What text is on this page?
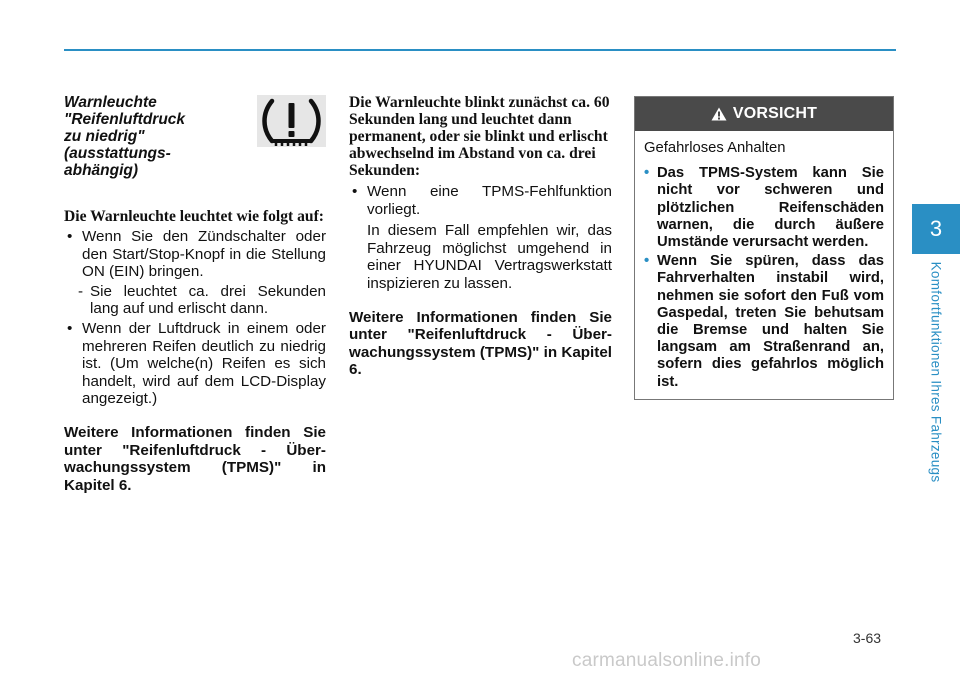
Warnleuchte
"Reifenluftdruck
zu niedrig"
(ausstattungs-
abhängig)

Die Warnleuchte leuchtet wie folgt auf:

• Wenn Sie den Zündschalter oder den Start/Stop-Knopf in die Stellung ON (EIN) bringen.

- Sie leuchtet ca. drei Sekunden lang auf und erlischt dann.

• Wenn der Luftdruck in einem oder mehreren Reifen deutlich zu niedrig ist. (Um welche(n) Reifen es sich handelt, wird auf dem LCD-Display angezeigt.)

Weitere Informationen finden Sie unter "Reifenluftdruck - Über-wachungssystem (TPMS)" in Kapitel 6.

Die Warnleuchte blinkt zunächst ca. 60 Sekunden lang und leuchtet dann permanent, oder sie blinkt und erlischt abwechselnd im Abstand von ca. drei Sekunden:

• Wenn eine TPMS-Fehlfunktion vorliegt.

In diesem Fall empfehlen wir, das Fahrzeug möglichst umgehend in einer HYUNDAI Vertragswerkstatt inspizieren zu lassen.

Weitere Informationen finden Sie unter "Reifenluftdruck - Über-wachungssystem (TPMS)" in Kapitel 6.

VORSICHT

Gefahrloses Anhalten

• Das TPMS-System kann Sie nicht vor schweren und plötzlichen Reifenschäden warnen, die durch äußere Umstände verursacht werden.

• Wenn Sie spüren, dass das Fahrverhalten instabil wird, nehmen sie sofort den Fuß vom Gaspedal, treten Sie behutsam die Bremse und halten Sie langsam am Straßenrand an, sofern dies gefahrlos möglich ist.

3
Komfortfunktionen Ihres Fahrzeugs
3-63
carmanualsonline.info
